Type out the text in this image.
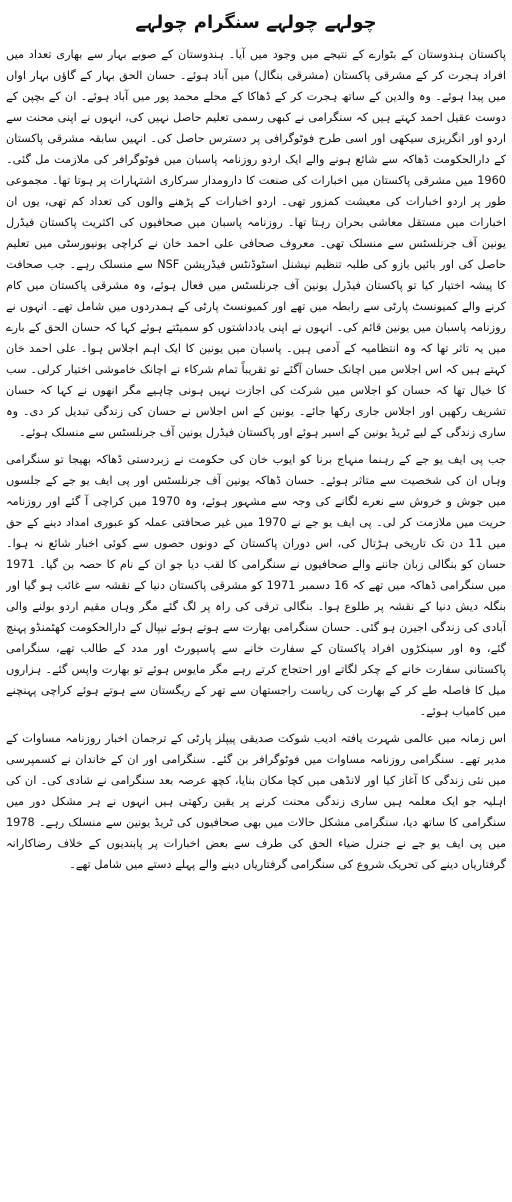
چولہے چولہے سنگرام چولہے

پاکستان ہندوستان کے بٹوارے کے نتیجے میں وجود میں آیا۔ ہندوستان کے صوبے بہار سے بھاری تعداد میں افراد ہجرت کر کے مشرقی پاکستان (مشرقی بنگال) میں آباد ہوئے۔ حسان الحق بہار کے گاؤں بہار اواں میں پیدا ہوئے۔ وہ والدین کے ساتھ ہجرت کر کے ڈھاکا کے محلے محمد پور میں آباد ہوئے۔ ان کے بچپن کے دوست عقیل احمد کہتے ہیں کہ سنگرامی نے کبھی رسمی تعلیم حاصل نہیں کی، انہوں نے اپنی محنت سے اردو اور انگریزی سیکھی اور اسی طرح فوٹوگرافی پر دسترس حاصل کی۔ انہیں سابقہ مشرقی پاکستان کے دارالحکومت ڈھاکہ سے شائع ہونے والے ایک اردو روزنامہ پاسبان میں فوٹوگرافر کی ملازمت مل گئی۔ 1960 میں مشرقی پاکستان میں اخبارات کی صنعت کا دارومدار سرکاری اشتہارات پر ہوتا تھا۔ مجموعی طور پر اردو اخبارات کی معیشت کمزور تھی۔ اردو اخبارات کے پڑھنے والوں کی تعداد کم تھی، یوں ان اخبارات میں مستقل معاشی بحران رہتا تھا۔ روزنامہ پاسبان میں صحافیوں کی اکثریت پاکستان فیڈرل یونین آف جرنلسٹس سے منسلک تھی۔ معروف صحافی علی احمد خان نے کراچی یونیورسٹی میں تعلیم حاصل کی اور بائیں بازو کی طلبہ تنظیم نیشنل اسٹوڈنٹس فیڈریشن NSF سے منسلک رہے۔ جب صحافت کا پیشہ اختیار کیا تو پاکستان فیڈرل یونین آف جرنلسٹس میں فعال ہوئے، وہ مشرقی پاکستان میں کام کرنے والے کمیونسٹ پارٹی سے رابطہ میں تھے اور کمیونسٹ پارٹی کے ہمدردوں میں شامل تھے۔ انہوں نے روزنامہ پاسبان میں یونین قائم کی۔ انہوں نے اپنی یادداشتوں کو سمیٹتے ہوئے کہا کہ حسان الحق کے بارے میں یہ تاثر تھا کہ وہ انتظامیہ کے آدمی ہیں۔ پاسبان میں یونین کا ایک اہم اجلاس ہوا۔ علی احمد خان کہتے ہیں کہ اس اجلاس میں اچانک حسان آگئے تو تقریباً تمام شرکاء نے اچانک خاموشی اختیار کرلی۔ سب کا خیال تھا کہ حسان کو اجلاس میں شرکت کی اجازت نہیں ہونی چاہیے مگر انھوں نے کہا کہ حسان تشریف رکھیں اور اجلاس جاری رکھا جائے۔ یونین کے اس اجلاس نے حسان کی زندگی تبدیل کر دی۔ وہ ساری زندگی کے لیے ٹریڈ یونین کے اسیر ہوئے اور پاکستان فیڈرل یونین آف جرنلسٹس سے منسلک ہوئے۔

جب پی ایف یو جے کے رہنما منہاج برنا کو ایوب خان کی حکومت نے زبردستی ڈھاکہ بھیجا تو سنگرامی وہاں ان کی شخصیت سے متاثر ہوئے۔ حسان ڈھاکہ یونین آف جرنلسٹس اور پی ایف یو جے کے جلسوں میں جوش و خروش سے نعرے لگانے کی وجہ سے مشہور ہوئے، وہ 1970 میں کراچی آ گئے اور روزنامہ حریت میں ملازمت کر لی۔ پی ایف یو جے نے 1970 میں غیر صحافتی عملہ کو عبوری امداد دینے کے حق میں 11 دن تک تاریخی ہڑتال کی، اس دوران پاکستان کے دونوں حصوں سے کوئی اخبار شائع نہ ہوا۔ حسان کو بنگالی زبان جاننے والے صحافیوں نے سنگرامی کا لقب دیا جو ان کے نام کا حصہ بن گیا۔ 1971 میں سنگرامی ڈھاکہ میں تھے کہ 16 دسمبر 1971 کو مشرقی پاکستان دنیا کے نقشہ سے غائب ہو گیا اور بنگلہ دیش دنیا کے نقشہ پر طلوع ہوا۔ بنگالی ترقی کی راہ پر لگ گئے مگر وہاں مقیم اردو بولنے والی آبادی کی زندگی اجیرن ہو گئی۔ حسان سنگرامی بھارت سے ہوتے ہوئے نیپال کے دارالحکومت کھٹمنڈو پہنچ گئے، وہ اور سینکڑوں افراد پاکستان کے سفارت خانے سے پاسپورٹ اور مدد کے طالب تھے، سنگرامی پاکستانی سفارت خانے کے چکر لگاتے اور احتجاج کرتے رہے مگر مایوس ہوئے تو بھارت واپس گئے۔ ہزاروں میل کا فاصلہ طے کر کے بھارت کی ریاست راجستھان سے تھر کے ریگستان سے ہوتے ہوئے کراچی پہنچنے میں کامیاب ہوئے۔

اس زمانہ میں عالمی شہرت یافتہ ادیب شوکت صدیقی پیپلز پارٹی کے ترجمان اخبار روزنامہ مساوات کے مدیر تھے۔ سنگرامی روزنامہ مساوات میں فوٹوگرافر بن گئے۔ سنگرامی اور ان کے خاندان نے کسمپرسی میں نئی زندگی کا آغاز کیا اور لانڈھی میں کچا مکان بنایا، کچھ عرصہ بعد سنگرامی نے شادی کی۔ ان کی اہلیہ جو ایک معلمہ ہیں ساری زندگی محنت کرنے پر یقین رکھتی ہیں انہوں نے ہر مشکل دور میں سنگرامی کا ساتھ دیا، سنگرامی مشکل حالات میں بھی صحافیوں کی ٹریڈ یونین سے منسلک رہے۔ 1978 میں پی ایف یو جے نے جنرل ضیاء الحق کی طرف سے بعض اخبارات پر پابندیوں کے خلاف رضاکارانہ گرفتاریاں دینے کی تحریک شروع کی سنگرامی گرفتاریاں دینے والے پہلے دستے میں شامل تھے۔
